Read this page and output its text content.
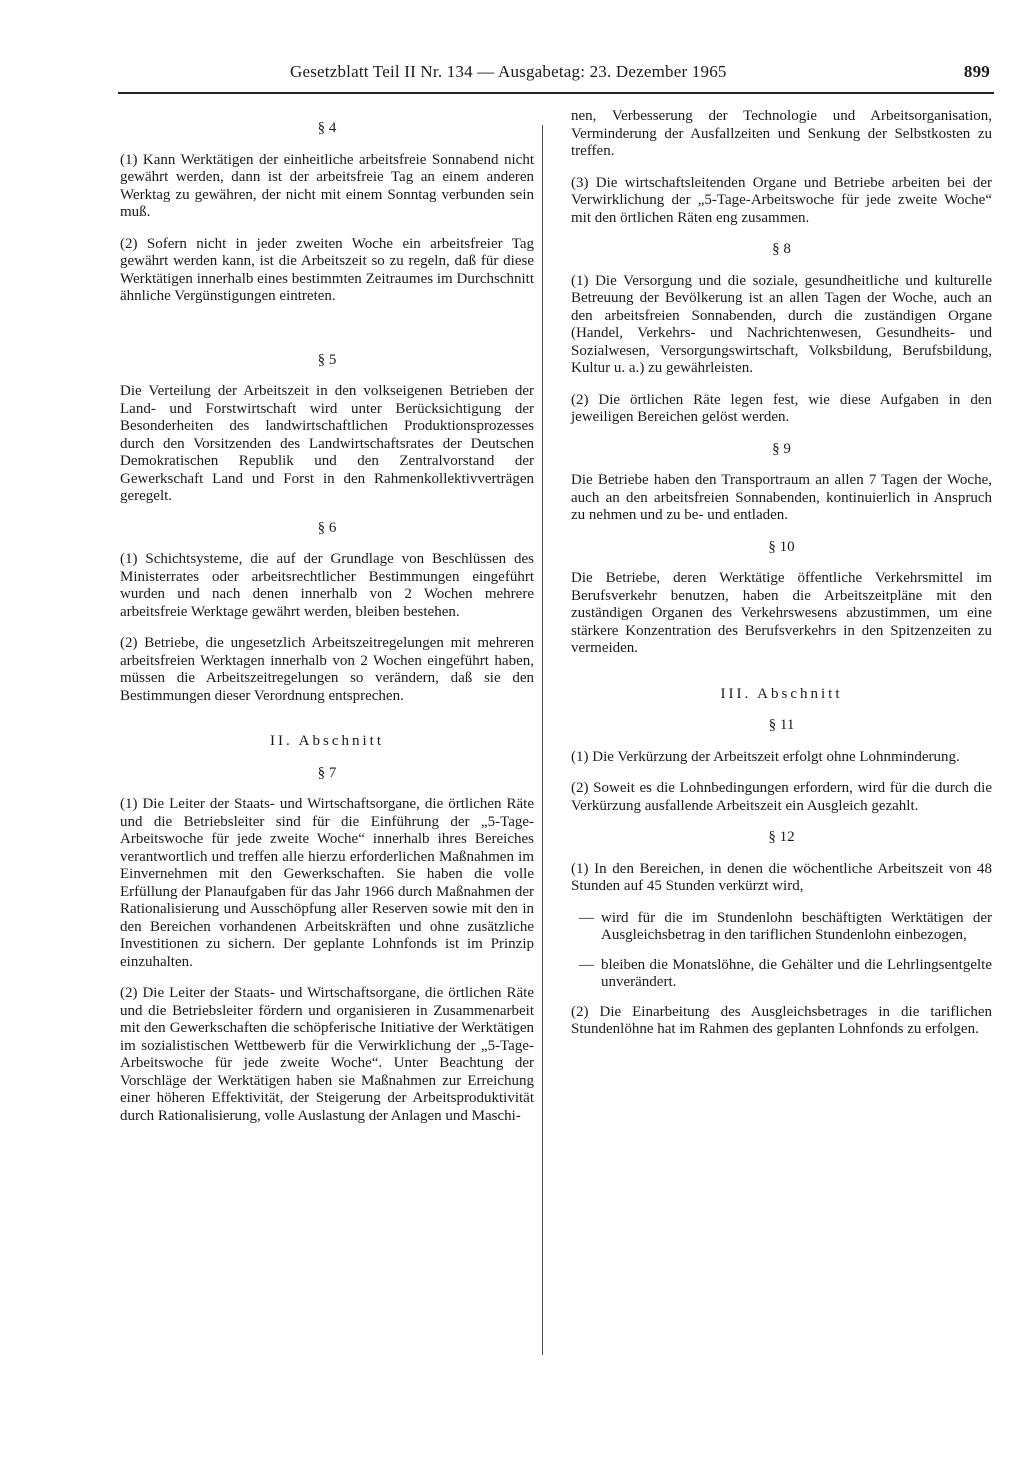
Gesetzblatt Teil II Nr. 134 — Ausgabetag: 23. Dezember 1965	899
§ 4

(1) Kann Werktätigen der einheitliche arbeitsfreie Sonnabend nicht gewährt werden, dann ist der arbeitsfreie Tag an einem anderen Werktag zu gewähren, der nicht mit einem Sonntag verbunden sein muß.

(2) Sofern nicht in jeder zweiten Woche ein arbeitsfreier Tag gewährt werden kann, ist die Arbeitszeit so zu regeln, daß für diese Werktätigen innerhalb eines bestimmten Zeitraumes im Durchschnitt ähnliche Vergünstigungen eintreten.

§ 5

Die Verteilung der Arbeitszeit in den volkseigenen Betrieben der Land- und Forstwirtschaft wird unter Berücksichtigung der Besonderheiten des landwirtschaftlichen Produktionsprozesses durch den Vorsitzenden des Landwirtschaftsrates der Deutschen Demokratischen Republik und den Zentralvorstand der Gewerkschaft Land und Forst in den Rahmenkollektivverträgen geregelt.

§ 6

(1) Schichtsysteme, die auf der Grundlage von Beschlüssen des Ministerrates oder arbeitsrechtlicher Bestimmungen eingeführt wurden und nach denen innerhalb von 2 Wochen mehrere arbeitsfreie Werktage gewährt werden, bleiben bestehen.

(2) Betriebe, die ungesetzlich Arbeitszeitregelungen mit mehreren arbeitsfreien Werktagen innerhalb von 2 Wochen eingeführt haben, müssen die Arbeitszeitregelungen so verändern, daß sie den Bestimmungen dieser Verordnung entsprechen.

II. Abschnitt
§ 7

(1) Die Leiter der Staats- und Wirtschaftsorgane, die örtlichen Räte und die Betriebsleiter sind für die Einführung der „5-Tage-Arbeitswoche für jede zweite Woche“ innerhalb ihres Bereiches verantwortlich und treffen alle hierzu erforderlichen Maßnahmen im Einvernehmen mit den Gewerkschaften. Sie haben die volle Erfüllung der Planaufgaben für das Jahr 1966 durch Maßnahmen der Rationalisierung und Ausschöpfung aller Reserven sowie mit den in den Bereichen vorhandenen Arbeitskräften und ohne zusätzliche Investitionen zu sichern. Der geplante Lohnfonds ist im Prinzip einzuhalten.

(2) Die Leiter der Staats- und Wirtschaftsorgane, die örtlichen Räte und die Betriebsleiter fördern und organisieren in Zusammenarbeit mit den Gewerkschaften die schöpferische Initiative der Werktätigen im sozialistischen Wettbewerb für die Verwirklichung der „5-Tage-Arbeitswoche für jede zweite Woche“. Unter Beachtung der Vorschläge der Werktätigen haben sie Maßnahmen zur Erreichung einer höheren Effektivität, der Steigerung der Arbeitsproduktivität durch Rationalisierung, volle Auslastung der Anlagen und Maschi-

nen, Verbesserung der Technologie und Arbeitsorganisation, Verminderung der Ausfallzeiten und Senkung der Selbstkosten zu treffen.

(3) Die wirtschaftsleitenden Organe und Betriebe arbeiten bei der Verwirklichung der „5-Tage-Arbeitswoche für jede zweite Woche“ mit den örtlichen Räten eng zusammen.

§ 8

(1) Die Versorgung und die soziale, gesundheitliche und kulturelle Betreuung der Bevölkerung ist an allen Tagen der Woche, auch an den arbeitsfreien Sonnabenden, durch die zuständigen Organe (Handel, Verkehrs- und Nachrichtenwesen, Gesundheits- und Sozialwesen, Versorgungswirtschaft, Volksbildung, Berufsbildung, Kultur u. a.) zu gewährleisten.

(2) Die örtlichen Räte legen fest, wie diese Aufgaben in den jeweiligen Bereichen gelöst werden.

§ 9

Die Betriebe haben den Transportraum an allen 7 Tagen der Woche, auch an den arbeitsfreien Sonnabenden, kontinuierlich in Anspruch zu nehmen und zu be- und entladen.

§ 10

Die Betriebe, deren Werktätige öffentliche Verkehrsmittel im Berufsverkehr benutzen, haben die Arbeitszeitpläne mit den zuständigen Organen des Verkehrswesens abzustimmen, um eine stärkere Konzentration des Berufsverkehrs in den Spitzenzeiten zu vermeiden.

III. Abschnitt
§ 11

(1) Die Verkürzung der Arbeitszeit erfolgt ohne Lohnminderung.

(2) Soweit es die Lohnbedingungen erfordern, wird für die durch die Verkürzung ausfallende Arbeitszeit ein Ausgleich gezahlt.

§ 12

(1) In den Bereichen, in denen die wöchentliche Arbeitszeit von 48 Stunden auf 45 Stunden verkürzt wird,

— wird für die im Stundenlohn beschäftigten Werktätigen der Ausgleichsbetrag in den tariflichen Stundenlohn einbezogen,
— bleiben die Monatslöhne, die Gehälter und die Lehrlingsentgelte unverändert.

(2) Die Einarbeitung des Ausgleichsbetrages in die tariflichen Stundenlöhne hat im Rahmen des geplanten Lohnfonds zu erfolgen.
